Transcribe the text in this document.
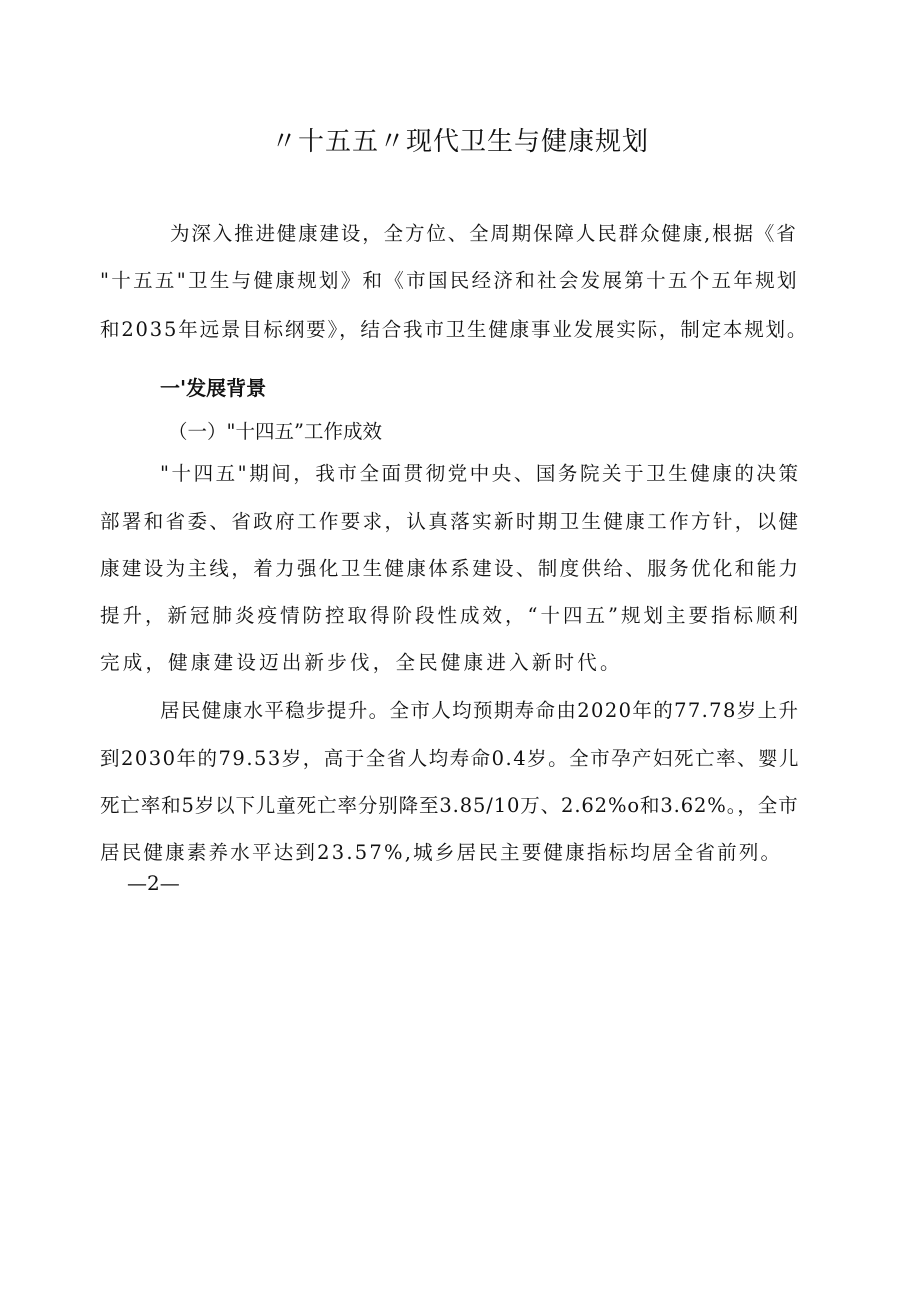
〃十五五〃现代卫生与健康规划
为深入推进健康建设，全方位、全周期保障人民群众健康,根据《省
"十五五"卫生与健康规划》和《市国民经济和社会发展第十五个五年规划
和2035年远景目标纲要》，结合我市卫生健康事业发展实际，制定本规划。
一'发展背景
（一）"十四五”工作成效
"十四五"期间，我市全面贯彻党中央、国务院关于卫生健康的决策
部署和省委、省政府工作要求，认真落实新时期卫生健康工作方针，以健
康建设为主线，着力强化卫生健康体系建设、制度供给、服务优化和能力
提升，新冠肺炎疫情防控取得阶段性成效，“十四五”规划主要指标顺利
完成，健康建设迈出新步伐，全民健康进入新时代。
居民健康水平稳步提升。全市人均预期寿命由2020年的77.78岁上升
到2030年的79.53岁，高于全省人均寿命0.4岁。全市孕产妇死亡率、婴儿
死亡率和5岁以下儿童死亡率分别降至3.85/10万、2.62%o和3.62%。，全市
居民健康素养水平达到23.57%,城乡居民主要健康指标均居全省前列。
—2—
